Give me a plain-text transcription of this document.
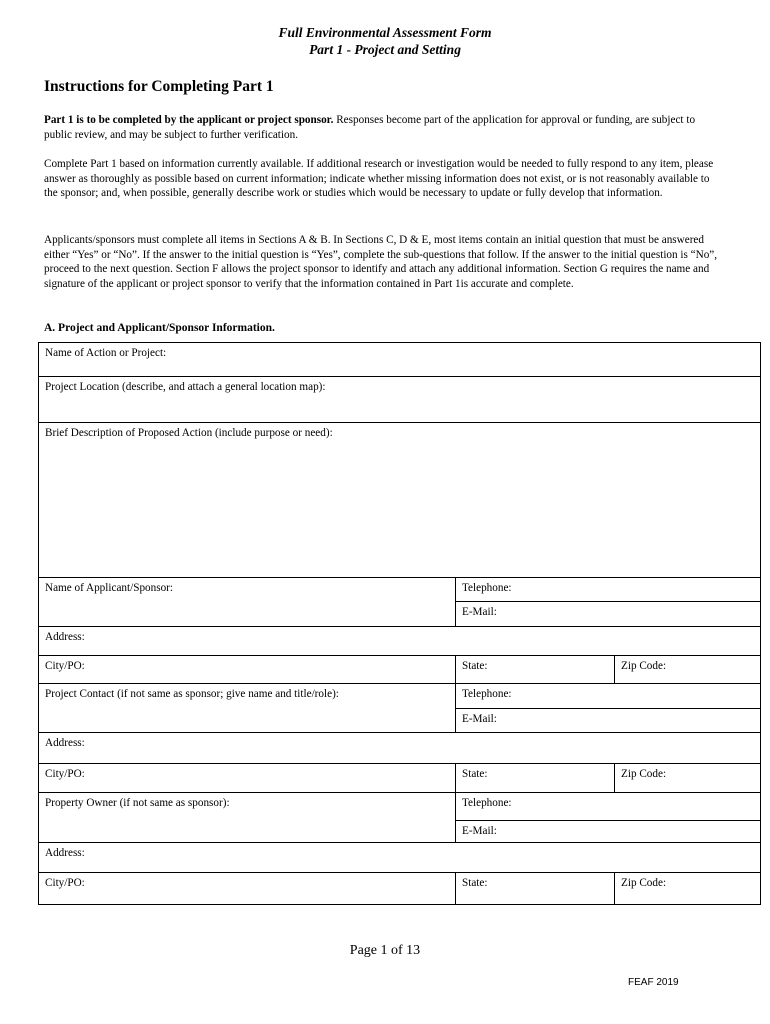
Full Environmental Assessment Form
Part 1 - Project and Setting
Instructions for Completing Part 1
Part 1 is to be completed by the applicant or project sponsor. Responses become part of the application for approval or funding, are subject to public review, and may be subject to further verification.
Complete Part 1 based on information currently available. If additional research or investigation would be needed to fully respond to any item, please answer as thoroughly as possible based on current information; indicate whether missing information does not exist, or is not reasonably available to the sponsor; and, when possible, generally describe work or studies which would be necessary to update or fully develop that information.
Applicants/sponsors must complete all items in Sections A & B. In Sections C, D & E, most items contain an initial question that must be answered either “Yes” or “No”. If the answer to the initial question is “Yes”, complete the sub-questions that follow. If the answer to the initial question is “No”, proceed to the next question. Section F allows the project sponsor to identify and attach any additional information. Section G requires the name and signature of the applicant or project sponsor to verify that the information contained in Part 1is accurate and complete.
A. Project and Applicant/Sponsor Information.
Name of Action or Project:
Project Location (describe, and attach a general location map):
Brief Description of Proposed Action (include purpose or need):
Name of Applicant/Sponsor:	Telephone:
E-Mail:
Address:
City/PO:	State:	Zip Code:
Project Contact (if not same as sponsor; give name and title/role):	Telephone:
E-Mail:
Address:
City/PO:	State:	Zip Code:
Property Owner (if not same as sponsor):	Telephone:
E-Mail:
Address:
City/PO:	State:	Zip Code:
Page 1 of 13
FEAF 2019
